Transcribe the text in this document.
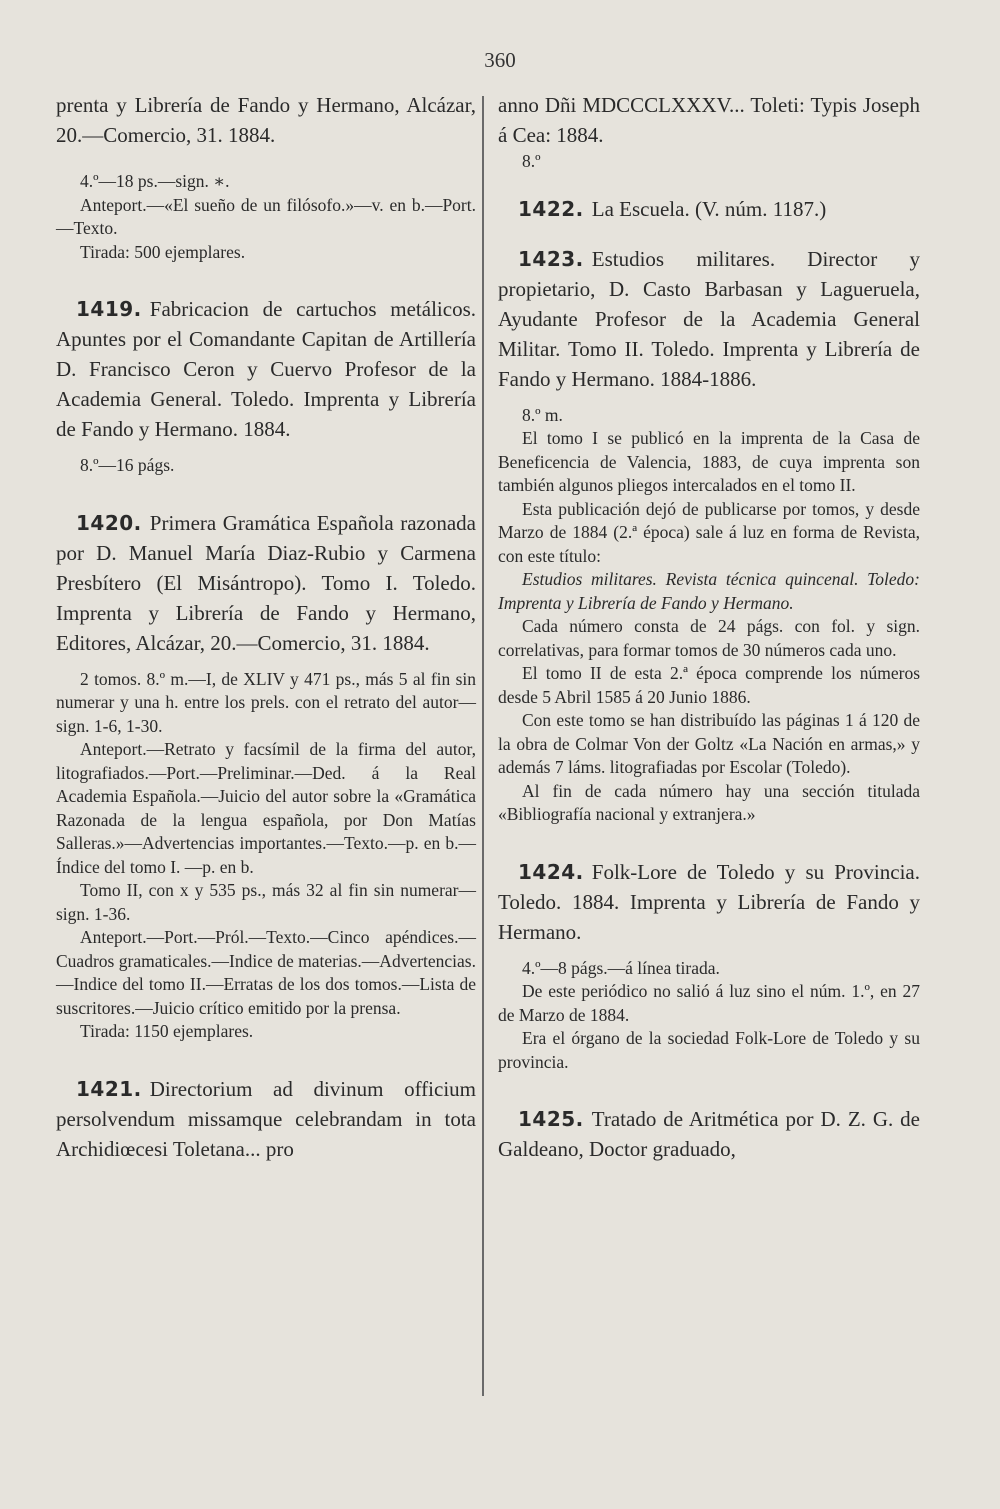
360

prenta y Librería de Fando y Hermano, Alcázar, 20.—Comercio, 31. 1884.

4.º—18 ps.—sign. ∗.

Anteport.—«El sueño de un filósofo.»—v. en b.—Port.—Texto.

Tirada: 500 ejemplares.

1419. Fabricacion de cartuchos metálicos. Apuntes por el Comandante Capitan de Artillería D. Francisco Ceron y Cuervo Profesor de la Academia General. Toledo. Imprenta y Librería de Fando y Hermano. 1884.

8.º—16 págs.

1420. Primera Gramática Española razonada por D. Manuel María Diaz-Rubio y Carmena Presbítero (El Misántropo). Tomo I. Toledo. Imprenta y Librería de Fando y Hermano, Editores, Alcázar, 20.—Comercio, 31. 1884.

2 tomos. 8.º m.—I, de XLIV y 471 ps., más 5 al fin sin numerar y una h. entre los prels. con el retrato del autor—sign. 1-6, 1-30.

Anteport.—Retrato y facsímil de la firma del autor, litografiados.—Port.—Preliminar.—Ded. á la Real Academia Española.—Juicio del autor sobre la «Gramática Razonada de la lengua española, por Don Matías Salleras.»—Advertencias importantes.—Texto.—p. en b.—Índice del tomo I. —p. en b.

Tomo II, con x y 535 ps., más 32 al fin sin numerar—sign. 1-36.

Anteport.—Port.—Pról.—Texto.—Cinco apéndices.—Cuadros gramaticales.—Indice de materias.—Advertencias.—Indice del tomo II.—Erratas de los dos tomos.—Lista de suscritores.—Juicio crítico emitido por la prensa.

Tirada: 1150 ejemplares.

1421. Directorium ad divinum officium persolvendum missamque celebrandam in tota Archidiœcesi Toletana... pro

anno Dñi MDCCCLXXXV... Toleti: Typis Joseph á Cea: 1884.

8.º

1422. La Escuela. (V. núm. 1187.)

1423. Estudios militares. Director y propietario, D. Casto Barbasan y Lagueruela, Ayudante Profesor de la Academia General Militar. Tomo II. Toledo. Imprenta y Librería de Fando y Hermano. 1884-1886.

8.º m.

El tomo I se publicó en la imprenta de la Casa de Beneficencia de Valencia, 1883, de cuya imprenta son también algunos pliegos intercalados en el tomo II.

Esta publicación dejó de publicarse por tomos, y desde Marzo de 1884 (2.ª época) sale á luz en forma de Revista, con este título:

Estudios militares. Revista técnica quincenal. Toledo: Imprenta y Librería de Fando y Hermano.

Cada número consta de 24 págs. con fol. y sign. correlativas, para formar tomos de 30 números cada uno.

El tomo II de esta 2.ª época comprende los números desde 5 Abril 1585 á 20 Junio 1886.

Con este tomo se han distribuído las páginas 1 á 120 de la obra de Colmar Von der Goltz «La Nación en armas,» y además 7 láms. litografiadas por Escolar (Toledo).

Al fin de cada número hay una sección titulada «Bibliografía nacional y extranjera.»

1424. Folk-Lore de Toledo y su Provincia. Toledo. 1884. Imprenta y Librería de Fando y Hermano.

4.º—8 págs.—á línea tirada.

De este periódico no salió á luz sino el núm. 1.º, en 27 de Marzo de 1884.

Era el órgano de la sociedad Folk-Lore de Toledo y su provincia.

1425. Tratado de Aritmética por D. Z. G. de Galdeano, Doctor graduado,
